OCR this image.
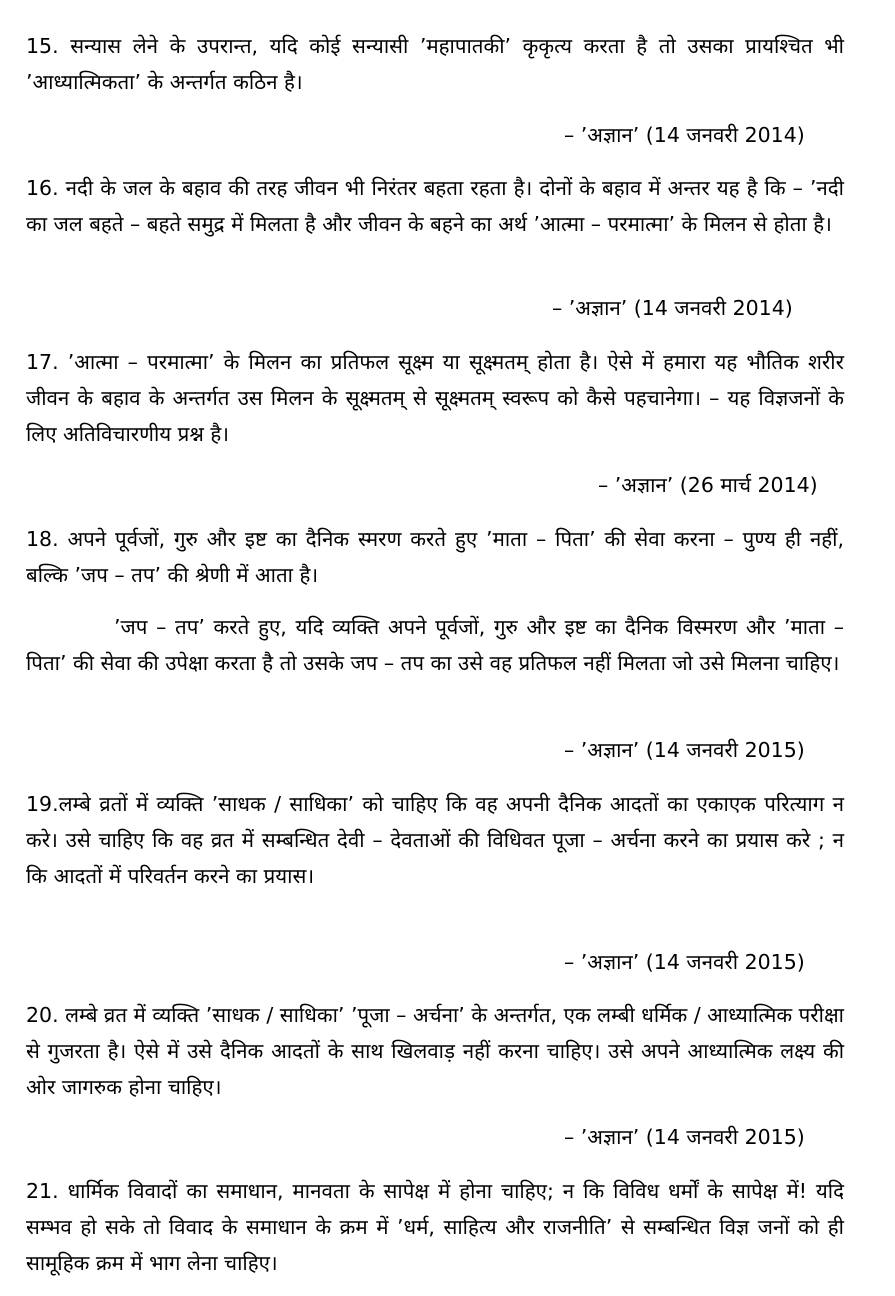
15. सन्यास लेने के उपरान्त, यदि कोई सन्यासी ’महापातकी’ कृकृत्य करता है तो उसका प्रायश्चित भी ’आध्यात्मिकता’ के अन्तर्गत कठिन है।

– ’अज्ञान’ (14 जनवरी 2014)

16. नदी के जल के बहाव की तरह जीवन भी निरंतर बहता रहता है। दोनों के बहाव में अन्तर यह है कि – ’नदी का जल बहते – बहते समुद्र में मिलता है और जीवन के बहने का अर्थ ’आत्मा – परमात्मा’ के मिलन से होता है।

– ’अज्ञान’ (14 जनवरी 2014)

17. ’आत्मा – परमात्मा’ के मिलन का प्रतिफल सूक्ष्म या सूक्ष्मतम् होता है। ऐसे में हमारा यह भौतिक शरीर जीवन के बहाव के अन्तर्गत उस मिलन के सूक्ष्मतम् से सूक्ष्मतम् स्वरूप को कैसे पहचानेगा। – यह विज्ञजनों के लिए अतिविचारणीय प्रश्न है।

– ’अज्ञान’ (26 मार्च 2014)

18. अपने पूर्वजों, गुरु और इष्ट का दैनिक स्मरण करते हुए ’माता – पिता’ की सेवा करना – पुण्य ही नहीं, बल्कि ’जप – तप’ की श्रेणी में आता है।

’जप – तप’ करते हुए, यदि व्यक्ति अपने पूर्वजों, गुरु और इष्ट का दैनिक विस्मरण और ’माता – पिता’ की सेवा की उपेक्षा करता है तो उसके जप – तप का उसे वह प्रतिफल नहीं मिलता जो उसे मिलना चाहिए।

– ’अज्ञान’ (14 जनवरी 2015)

19.लम्बे व्रतों में व्यक्ति ’साधक / साधिका’ को चाहिए कि वह अपनी दैनिक आदतों का एकाएक परित्याग न करे। उसे चाहिए कि वह व्रत में सम्बन्धित देवी – देवताओं की विधिवत पूजा – अर्चना करने का प्रयास करे ; न कि आदतों में परिवर्तन करने का प्रयास।

– ’अज्ञान’ (14 जनवरी 2015)

20. लम्बे व्रत में व्यक्ति ’साधक / साधिका’ ’पूजा – अर्चना’ के अन्तर्गत, एक लम्बी धर्मिक / आध्यात्मिक परीक्षा से गुजरता है। ऐसे में उसे दैनिक आदतों के साथ खिलवाड़ नहीं करना चाहिए। उसे अपने आध्यात्मिक लक्ष्य की ओर जागरुक होना चाहिए।

– ’अज्ञान’ (14 जनवरी 2015)

21. धार्मिक विवादों का समाधान, मानवता के सापेक्ष में होना चाहिए; न कि विविध धर्मों के सापेक्ष में! यदि सम्भव हो सके तो विवाद के समाधान के क्रम में ’धर्म, साहित्य और राजनीति’ से सम्बन्धित विज्ञ जनों को ही सामूहिक क्रम में भाग लेना चाहिए।
